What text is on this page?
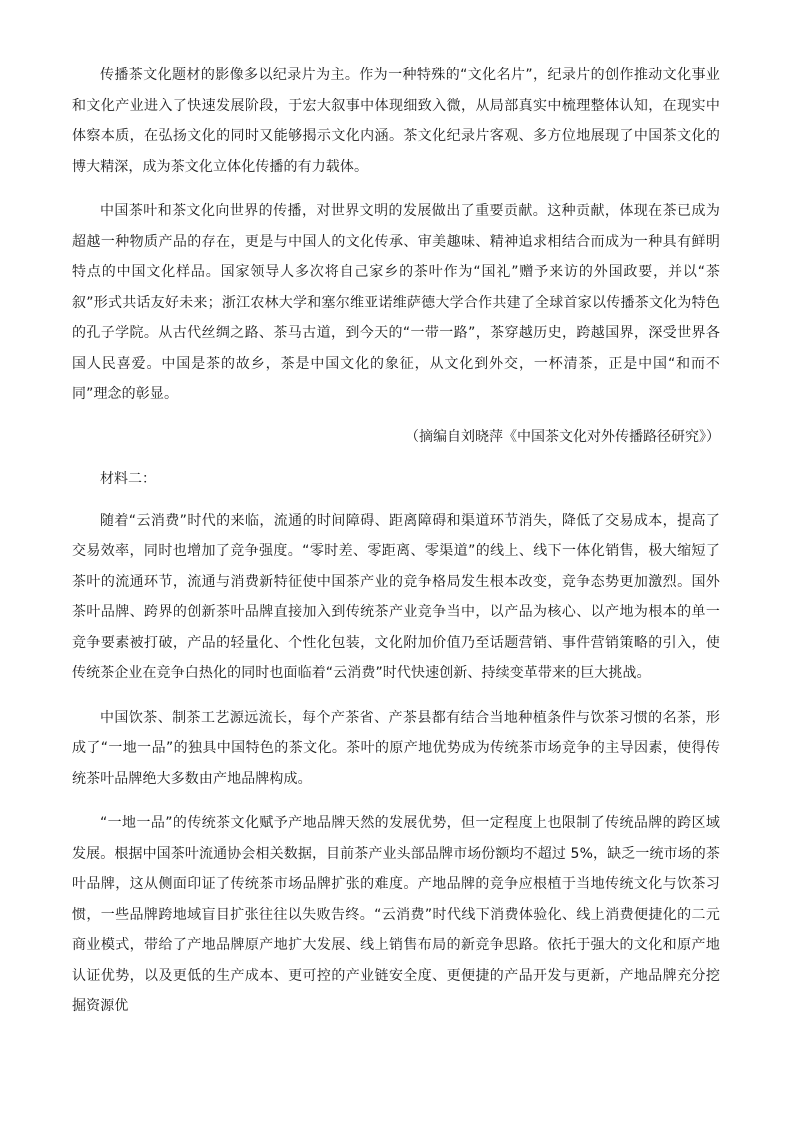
传播茶文化题材的影像多以纪录片为主。作为一种特殊的“文化名片”，纪录片的创作推动文化事业和文化产业进入了快速发展阶段，于宏大叙事中体现细致入微，从局部真实中梳理整体认知，在现实中体察本质，在弘扬文化的同时又能够揭示文化内涵。茶文化纪录片客观、多方位地展现了中国茶文化的博大精深，成为茶文化立体化传播的有力载体。

中国茶叶和茶文化向世界的传播，对世界文明的发展做出了重要贡献。这种贡献，体现在茶已成为超越一种物质产品的存在，更是与中国人的文化传承、审美趣味、精神追求相结合而成为一种具有鲜明特点的中国文化样品。国家领导人多次将自己家乡的茶叶作为“国礼”赠予来访的外国政要，并以“茶叙”形式共话友好未来；浙江农林大学和塞尔维亚诺维萨德大学合作共建了全球首家以传播茶文化为特色的孔子学院。从古代丝绸之路、茶马古道，到今天的“一带一路”，茶穿越历史，跨越国界，深受世界各国人民喜爱。中国是茶的故乡，茶是中国文化的象征，从文化到外交，一杯清茶，正是中国“和而不同”理念的彰显。

（摘编自刘晓萍《中国茶文化对外传播路径研究》）

材料二：

随着“云消费”时代的来临，流通的时间障碍、距离障碍和渠道环节消失，降低了交易成本，提高了交易效率，同时也增加了竞争强度。“零时差、零距离、零渠道”的线上、线下一体化销售，极大缩短了茶叶的流通环节，流通与消费新特征使中国茶产业的竞争格局发生根本改变，竞争态势更加激烈。国外茶叶品牌、跨界的创新茶叶品牌直接加入到传统茶产业竞争当中，以产品为核心、以产地为根本的单一竞争要素被打破，产品的轻量化、个性化包装，文化附加价值乃至话题营销、事件营销策略的引入，使传统茶企业在竞争白热化的同时也面临着“云消费”时代快速创新、持续变革带来的巨大挑战。

中国饮茶、制茶工艺源远流长，每个产茶省、产茶县都有结合当地种植条件与饮茶习惯的名茶，形成了“一地一品”的独具中国特色的茶文化。茶叶的原产地优势成为传统茶市场竞争的主导因素，使得传统茶叶品牌绝大多数由产地品牌构成。

“一地一品”的传统茶文化赋予产地品牌天然的发展优势，但一定程度上也限制了传统品牌的跨区域发展。根据中国茶叶流通协会相关数据，目前茶产业头部品牌市场份额均不超过 5%，缺乏一统市场的茶叶品牌，这从侧面印证了传统茶市场品牌扩张的难度。产地品牌的竞争应根植于当地传统文化与饮茶习惯，一些品牌跨地域盲目扩张往往以失败告终。“云消费”时代线下消费体验化、线上消费便捷化的二元商业模式，带给了产地品牌原产地扩大发展、线上销售布局的新竞争思路。依托于强大的文化和原产地认证优势，以及更低的生产成本、更可控的产业链安全度、更便捷的产品开发与更新，产地品牌充分挖掘资源优
